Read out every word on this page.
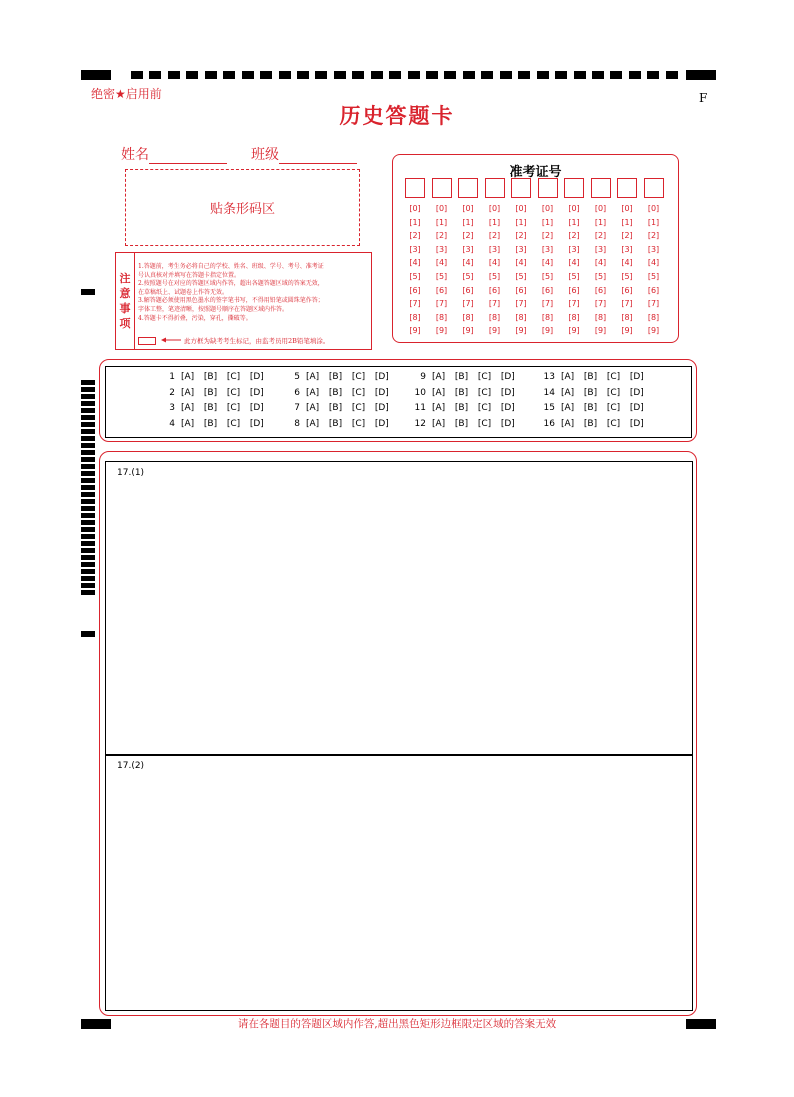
绝密★启用前	F
历史答题卡
姓名	班级
贴条形码区
注
意
事
项
1.答题前，考生务必将自己的学校、姓名、班级、学号、考号、准考证
号认真核对并填写在答题卡指定位置。
2.按照题号在对应的答题区域内作答，超出各题答题区域的答案无效，
在草稿纸上、试题卷上作答无效。
3.解答题必须使用黑色墨水的签字笔书写，不得用铅笔或圆珠笔作答；
字体工整，笔迹清晰，按照题号顺序在答题区域内作答。
4.答题卡不得折叠，污染，穿孔，撕破等。
此方框为缺考考生标记，由监考员用2B铅笔填涂。
准考证号
[0]
[1]
[2]
[3]
[4]
[5]
[6]
[7]
[8]
[9]
[0]
[1]
[2]
[3]
[4]
[5]
[6]
[7]
[8]
[9]
[0]
[1]
[2]
[3]
[4]
[5]
[6]
[7]
[8]
[9]
[0]
[1]
[2]
[3]
[4]
[5]
[6]
[7]
[8]
[9]
[0]
[1]
[2]
[3]
[4]
[5]
[6]
[7]
[8]
[9]
[0]
[1]
[2]
[3]
[4]
[5]
[6]
[7]
[8]
[9]
[0]
[1]
[2]
[3]
[4]
[5]
[6]
[7]
[8]
[9]
[0]
[1]
[2]
[3]
[4]
[5]
[6]
[7]
[8]
[9]
[0]
[1]
[2]
[3]
[4]
[5]
[6]
[7]
[8]
[9]
[0]
[1]
[2]
[3]
[4]
[5]
[6]
[7]
[8]
[9]
1 [A]  [B]  [C]  [D]
2 [A]  [B]  [C]  [D]
3 [A]  [B]  [C]  [D]
4 [A]  [B]  [C]  [D]
5 [A]  [B]  [C]  [D]
6 [A]  [B]  [C]  [D]
7 [A]  [B]  [C]  [D]
8 [A]  [B]  [C]  [D]
9 [A]  [B]  [C]  [D]
10 [A]  [B]  [C]  [D]
11 [A]  [B]  [C]  [D]
12 [A]  [B]  [C]  [D]
13 [A]  [B]  [C]  [D]
14 [A]  [B]  [C]  [D]
15 [A]  [B]  [C]  [D]
16 [A]  [B]  [C]  [D]
17.(1)
17.(2)
请在各题目的答题区域内作答,超出黑色矩形边框限定区域的答案无效
